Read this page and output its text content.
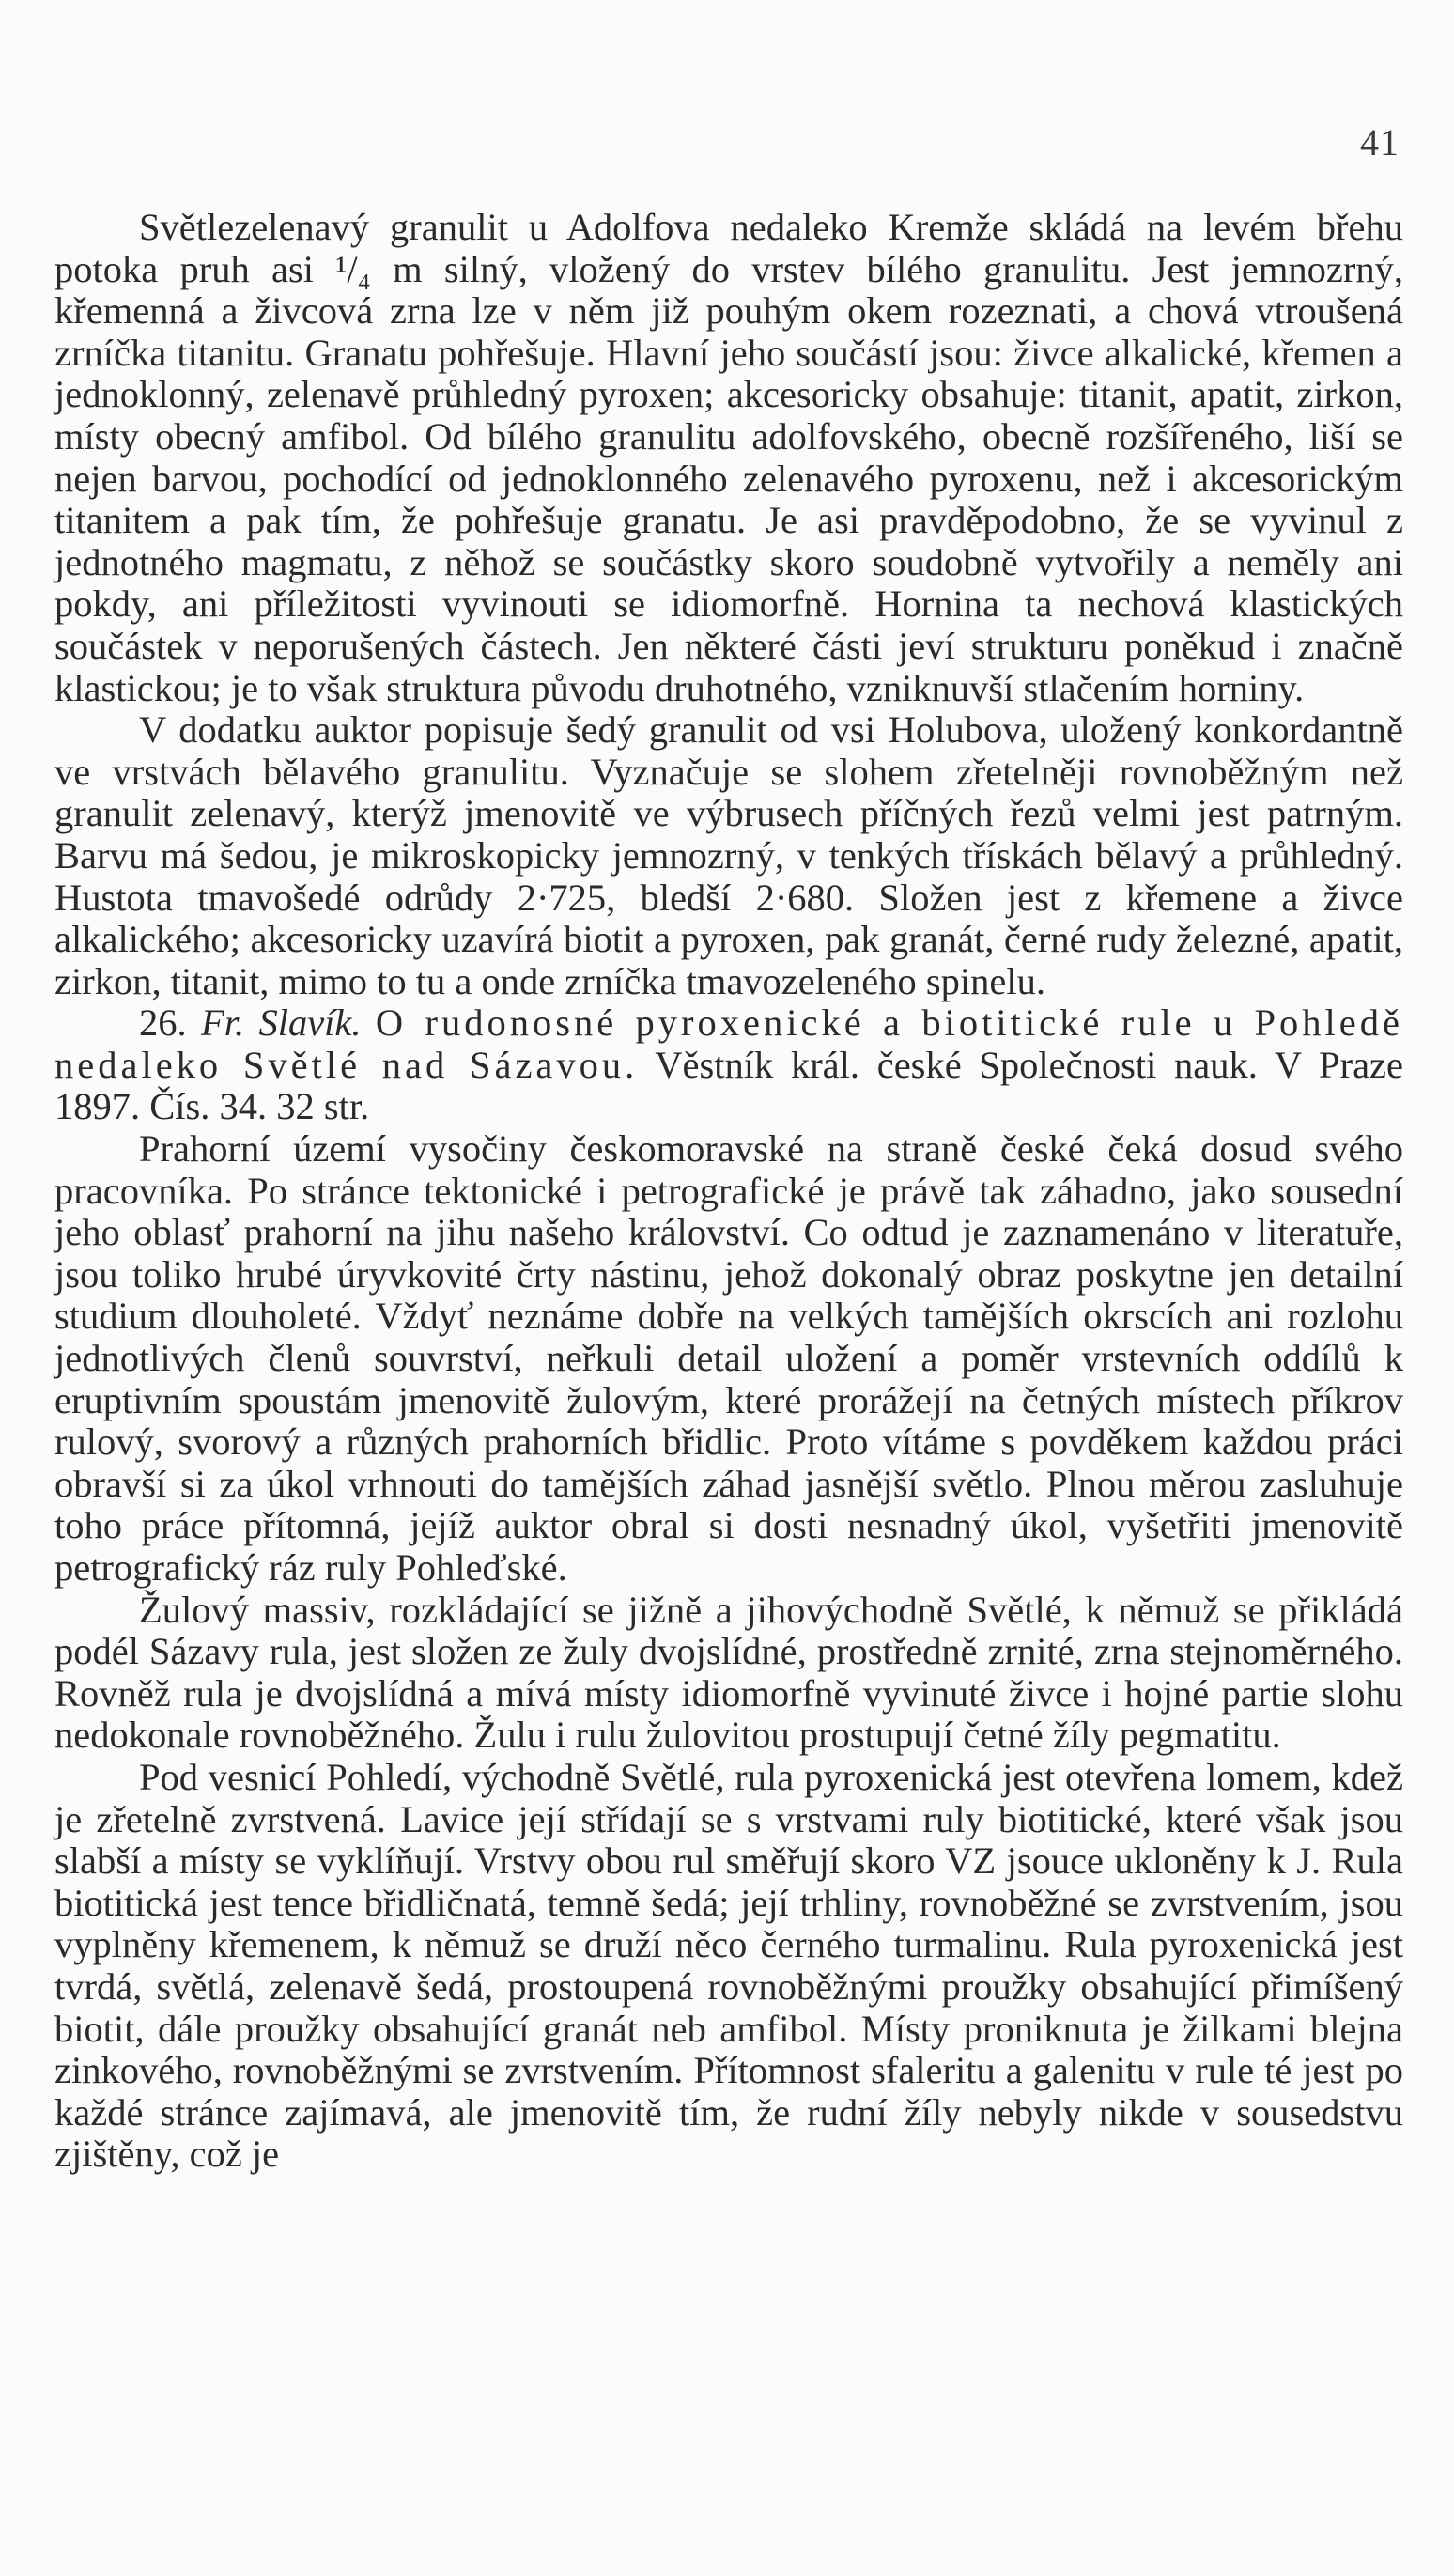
41

Světlezelenavý granulit u Adolfova nedaleko Kremže skládá na levém břehu potoka pruh asi ¹/₄ m silný, vložený do vrstev bílého granulitu. Jest jemnozrný, křemenná a živcová zrna lze v něm již pouhým okem rozeznati, a chová vtroušená zrníčka titanitu. Granatu pohřešuje. Hlavní jeho součástí jsou: živce alkalické, křemen a jednoklonný, zelenavě průhledný pyroxen; akcesoricky obsahuje: titanit, apatit, zirkon, místy obecný amfibol. Od bílého granulitu adolfovského, obecně rozšířeného, liší se nejen barvou, pochodící od jednoklonného zelenavého pyroxenu, než i akcesorickým titanitem a pak tím, že pohřešuje granatu. Je asi pravděpodobno, že se vyvinul z jednotného magmatu, z něhož se součástky skoro soudobně vytvořily a neměly ani pokdy, ani příležitosti vyvinouti se idiomorfně. Hornina ta nechová klastických součástek v neporušených částech. Jen některé části jeví strukturu poněkud i značně klastickou; je to však struktura původu druhotného, vzniknuvší stlačením horniny.

V dodatku auktor popisuje šedý granulit od vsi Holubova, uložený konkordantně ve vrstvách bělavého granulitu. Vyznačuje se slohem zřetelněji rovnoběžným než granulit zelenavý, kterýž jmenovitě ve výbrusech příčných řezů velmi jest patrným. Barvu má šedou, je mikroskopicky jemnozrný, v tenkých třískách bělavý a průhledný. Hustota tmavošedé odrůdy 2·725, bledší 2·680. Složen jest z křemene a živce alkalického; akcesoricky uzavírá biotit a pyroxen, pak granát, černé rudy železné, apatit, zirkon, titanit, mimo to tu a onde zrníčka tmavozeleného spinelu.

26. Fr. Slavík. O rudonosné pyroxenické a biotitické rule u Pohledě nedaleko Světlé nad Sázavou. Věstník král. české Společnosti nauk. V Praze 1897. Čís. 34. 32 str.

Prahorní území vysočiny českomoravské na straně české čeká dosud svého pracovníka. Po stránce tektonické i petrografické je právě tak záhadno, jako sousední jeho oblasť prahorní na jihu našeho království. Co odtud je zaznamenáno v literatuře, jsou toliko hrubé úryvkovité črty nástinu, jehož dokonalý obraz poskytne jen detailní studium dlouholeté. Vždyť neznáme dobře na velkých tamějších okrscích ani rozlohu jednotlivých členů souvrství, neřkuli detail uložení a poměr vrstevních oddílů k eruptivním spoustám jmenovitě žulovým, které prorážejí na četných místech příkrov rulový, svorový a různých prahorních břidlic. Proto vítáme s povděkem každou práci obravší si za úkol vrhnouti do tamějších záhad jasnější světlo. Plnou měrou zasluhuje toho práce přítomná, jejíž auktor obral si dosti nesnadný úkol, vyšetřiti jmenovitě petrografický ráz ruly Pohleďské.

Žulový massiv, rozkládající se jižně a jihovýchodně Světlé, k němuž se přikládá podél Sázavy rula, jest složen ze žuly dvojslídné, prostředně zrnité, zrna stejnoměrného. Rovněž rula je dvojslídná a mívá místy idiomorfně vyvinuté živce i hojné partie slohu nedokonale rovnoběžného. Žulu i rulu žulovitou prostupují četné žíly pegmatitu.

Pod vesnicí Pohledí, východně Světlé, rula pyroxenická jest otevřena lomem, kdež je zřetelně zvrstvená. Lavice její střídají se s vrstvami ruly biotitické, které však jsou slabší a místy se vyklíňují. Vrstvy obou rul směřují skoro VZ jsouce ukloněny k J. Rula biotitická jest tence břidličnatá, temně šedá; její trhliny, rovnoběžné se zvrstvením, jsou vyplněny křemenem, k němuž se druží něco černého turmalinu. Rula pyroxenická jest tvrdá, světlá, zelenavě šedá, prostoupená rovnoběžnými proužky obsahující přimíšený biotit, dále proužky obsahující granát neb amfibol. Místy proniknuta je žilkami blejna zinkového, rovnoběžnými se zvrstvením. Přítomnost sfaleritu a galenitu v rule té jest po každé stránce zajímavá, ale jmenovitě tím, že rudní žíly nebyly nikde v sousedstvu zjištěny, což je
